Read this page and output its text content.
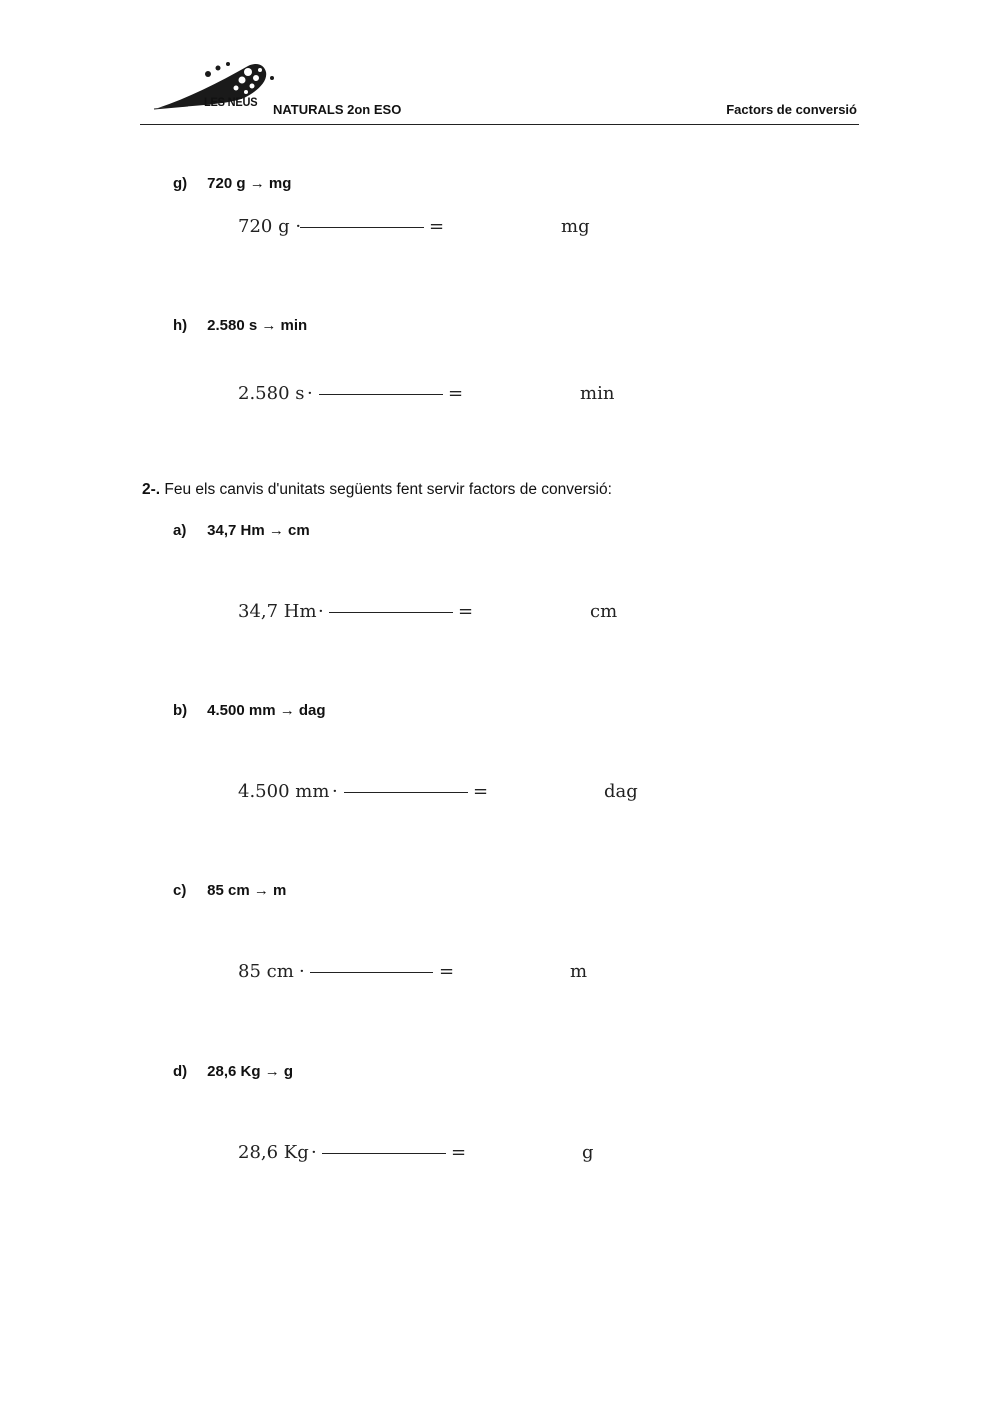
LES NEUS NATURALS 2on ESO	Factors de conversió
g) 720 g → mg
720 g ·	=	mg
h) 2.580 s → min
2.580 s ·	=	min
2-. Feu els canvis d'unitats següents fent servir factors de conversió:
a) 34,7 Hm → cm
34,7 Hm ·	=	cm
b) 4.500 mm → dag
4.500 mm ·	=	dag
c) 85 cm → m
85 cm ·	=	m
d) 28,6 Kg → g
28,6 Kg ·	=	g
